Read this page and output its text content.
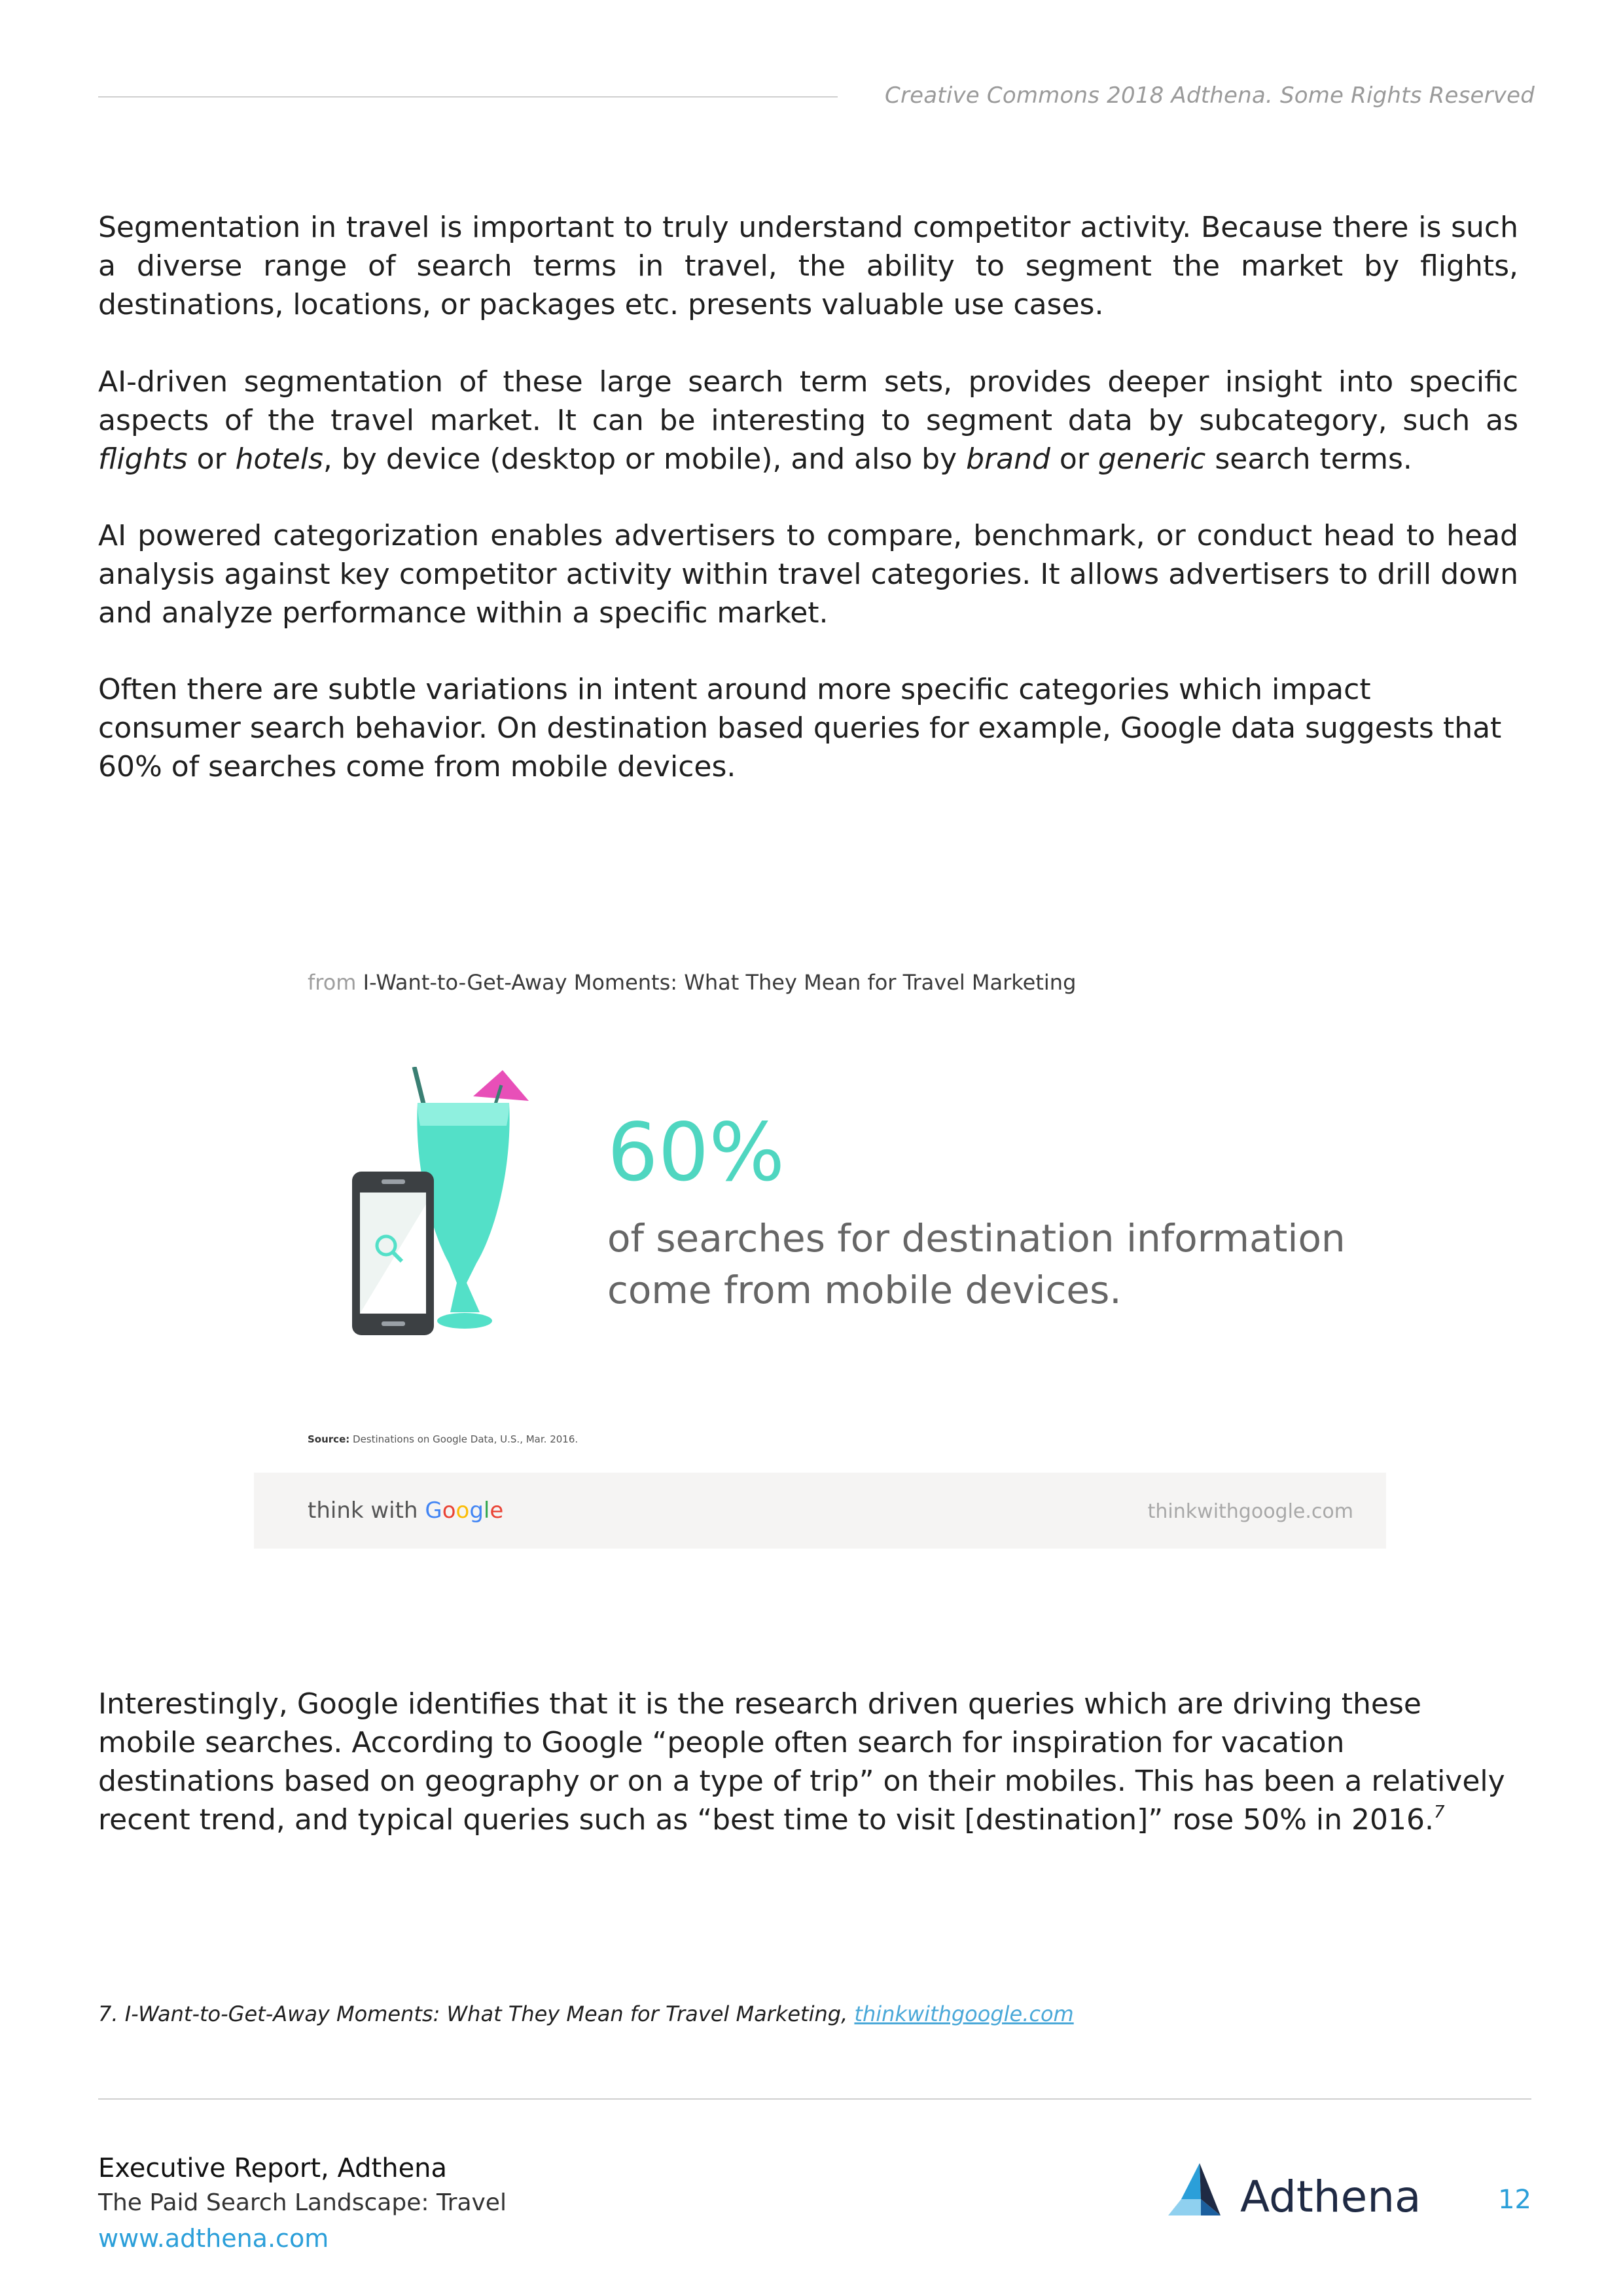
Creative Commons 2018 Adthena. Some Rights Reserved

Segmentation in travel is important to truly understand competitor activity. Because there is such a diverse range of search terms in travel, the ability to segment the market by flights, destinations, locations, or packages etc. presents valuable use cases.

AI-driven segmentation of these large search term sets, provides deeper insight into specific aspects of the travel market. It can be interesting to segment data by subcategory, such as flights or hotels, by device (desktop or mobile), and also by brand or generic search terms.

AI powered categorization enables advertisers to compare, benchmark, or conduct head to head analysis against key competitor activity within travel categories. It allows advertisers to drill down and analyze performance within a specific market.

Often there are subtle variations in intent around more specific categories which impact consumer search behavior. On destination based queries for example, Google data suggests that 60% of searches come from mobile devices.

from I-Want-to-Get-Away Moments: What They Mean for Travel Marketing
60%
of searches for destination information
come from mobile devices.
Source: Destinations on Google Data, U.S., Mar. 2016.
think with Google	thinkwithgoogle.com

Interestingly, Google identifies that it is the research driven queries which are driving these mobile searches. According to Google “people often search for inspiration for vacation destinations based on geography or on a type of trip” on their mobiles. This has been a relatively recent trend, and typical queries such as “best time to visit [destination]” rose 50% in 2016.$^7$

7. I-Want-to-Get-Away Moments: What They Mean for Travel Marketing, thinkwithgoogle.com
Executive Report, Adthena
The Paid Search Landscape: Travel
www.adthena.com
Adthena	12
